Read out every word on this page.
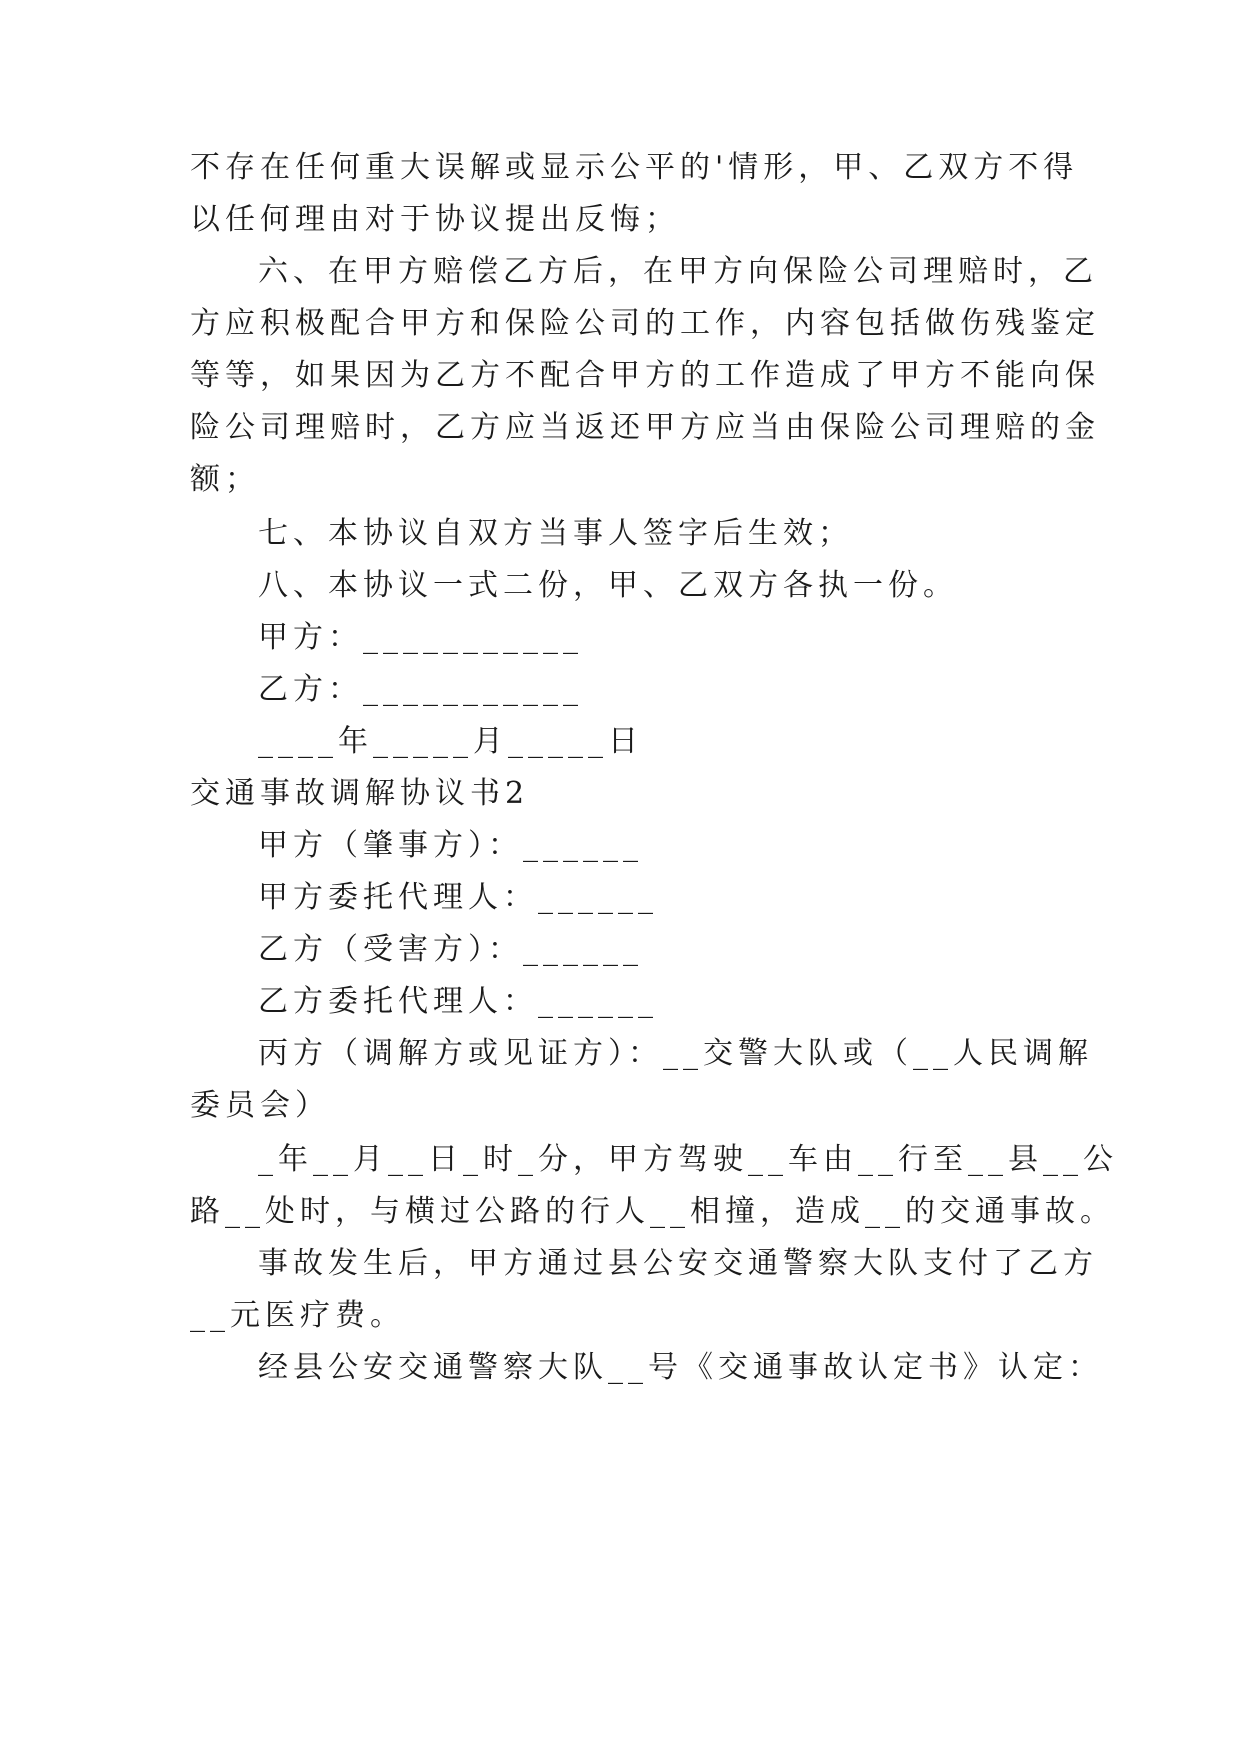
不存在任何重大误解或显示公平的'情形，甲、乙双方不得
以任何理由对于协议提出反悔；
六、在甲方赔偿乙方后，在甲方向保险公司理赔时，乙
方应积极配合甲方和保险公司的工作，内容包括做伤残鉴定
等等，如果因为乙方不配合甲方的工作造成了甲方不能向保
险公司理赔时，乙方应当返还甲方应当由保险公司理赔的金
额；
七、本协议自双方当事人签字后生效；
八、本协议一式二份，甲、乙双方各执一份。
甲方：___________
乙方：___________
____年_____月_____日
交通事故调解协议书2
甲方（肇事方）：______
甲方委托代理人：______
乙方（受害方）：______
乙方委托代理人：______
丙方（调解方或见证方）：__交警大队或（__人民调解
委员会）
_年__月__日_时_分，甲方驾驶__车由__行至__县__公
路__处时，与横过公路的行人__相撞，造成__的交通事故。
事故发生后，甲方通过县公安交通警察大队支付了乙方
__元医疗费。
经县公安交通警察大队__号《交通事故认定书》认定：
